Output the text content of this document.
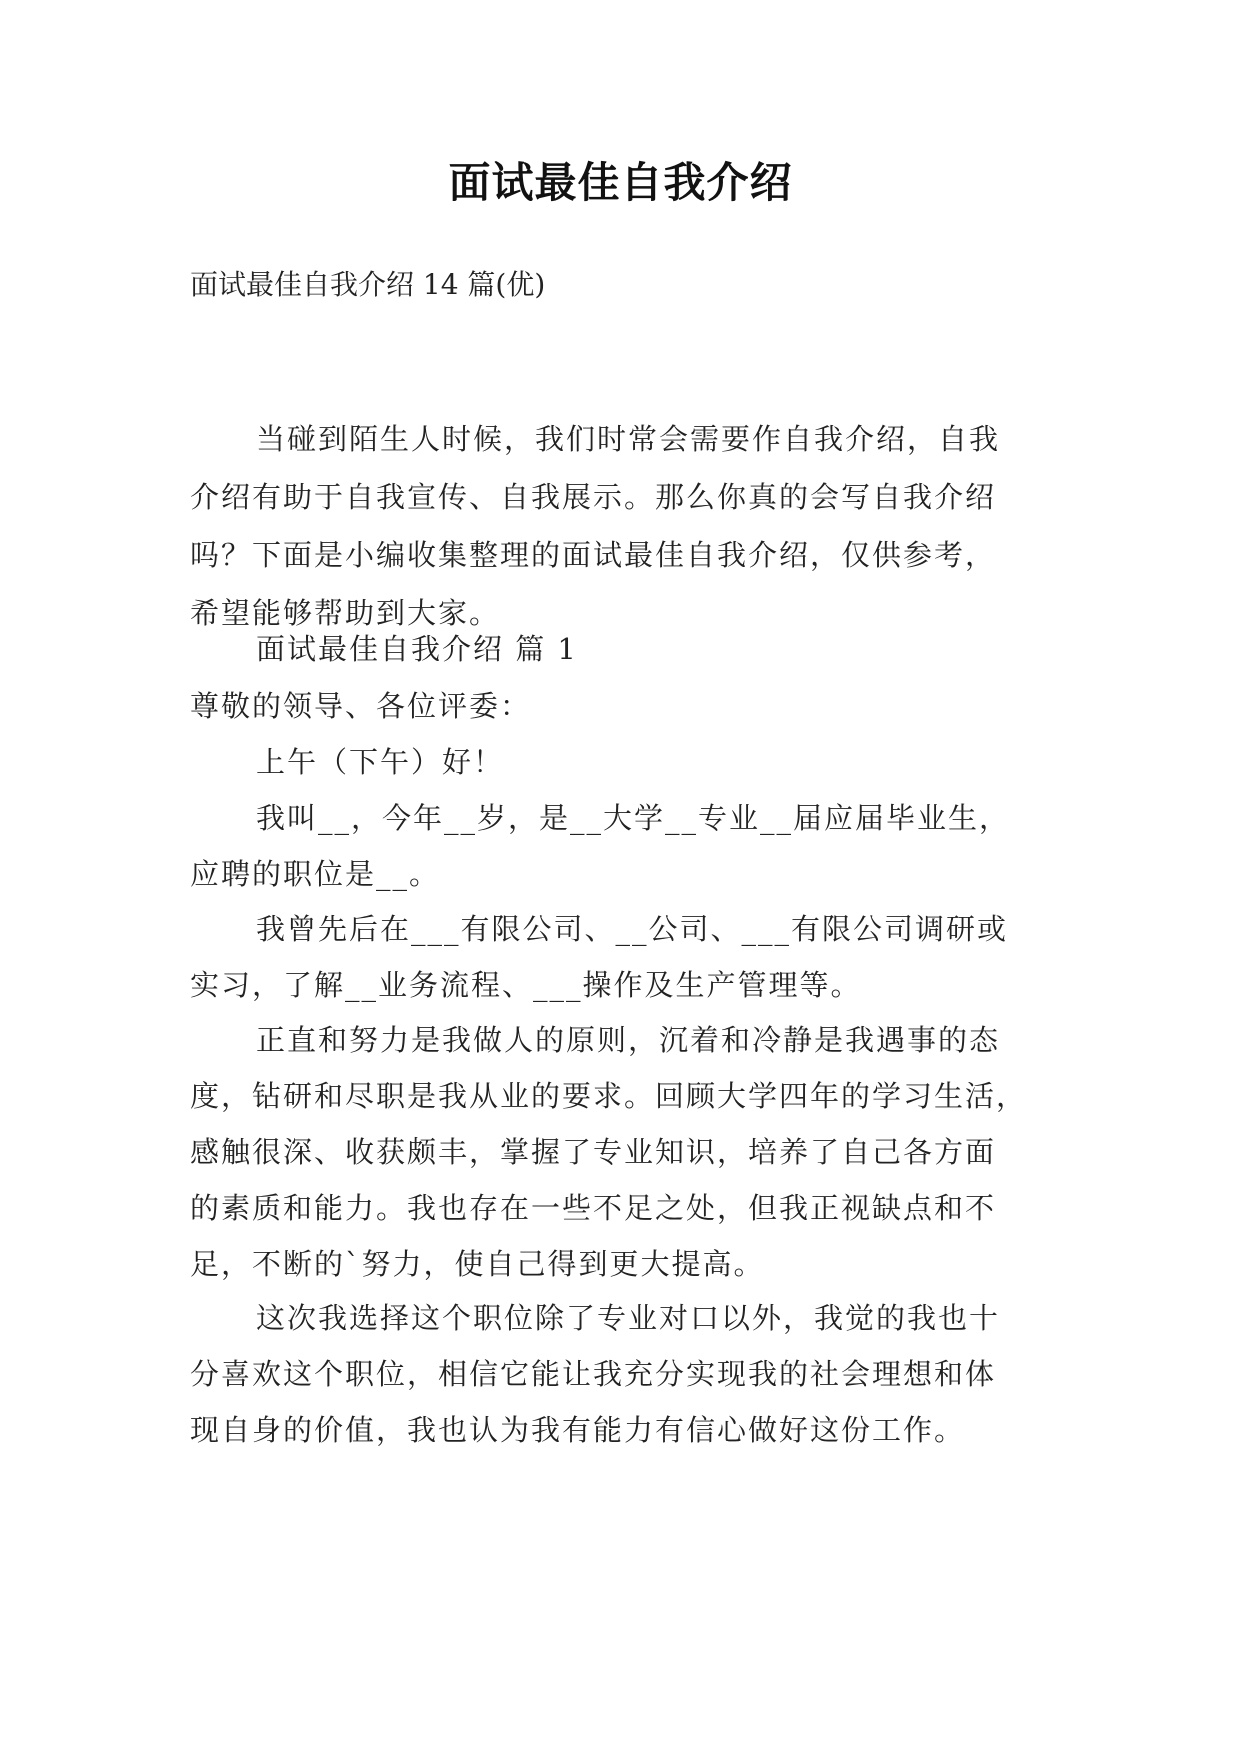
面试最佳自我介绍
面试最佳自我介绍 14 篇(优)
当碰到陌生人时候，我们时常会需要作自我介绍，自我
介绍有助于自我宣传、自我展示。那么你真的会写自我介绍
吗？下面是小编收集整理的面试最佳自我介绍，仅供参考，
希望能够帮助到大家。
面试最佳自我介绍 篇 1
尊敬的领导、各位评委：
上午（下午）好！
我叫__，今年__岁，是__大学__专业__届应届毕业生，
应聘的职位是__。
我曾先后在___有限公司、__公司、___有限公司调研或
实习，了解__业务流程、___操作及生产管理等。
正直和努力是我做人的原则，沉着和冷静是我遇事的态
度，钻研和尽职是我从业的要求。回顾大学四年的学习生活，
感触很深、收获颇丰，掌握了专业知识，培养了自己各方面
的素质和能力。我也存在一些不足之处，但我正视缺点和不
足，不断的`努力，使自己得到更大提高。
这次我选择这个职位除了专业对口以外，我觉的我也十
分喜欢这个职位，相信它能让我充分实现我的社会理想和体
现自身的价值，我也认为我有能力有信心做好这份工作。
